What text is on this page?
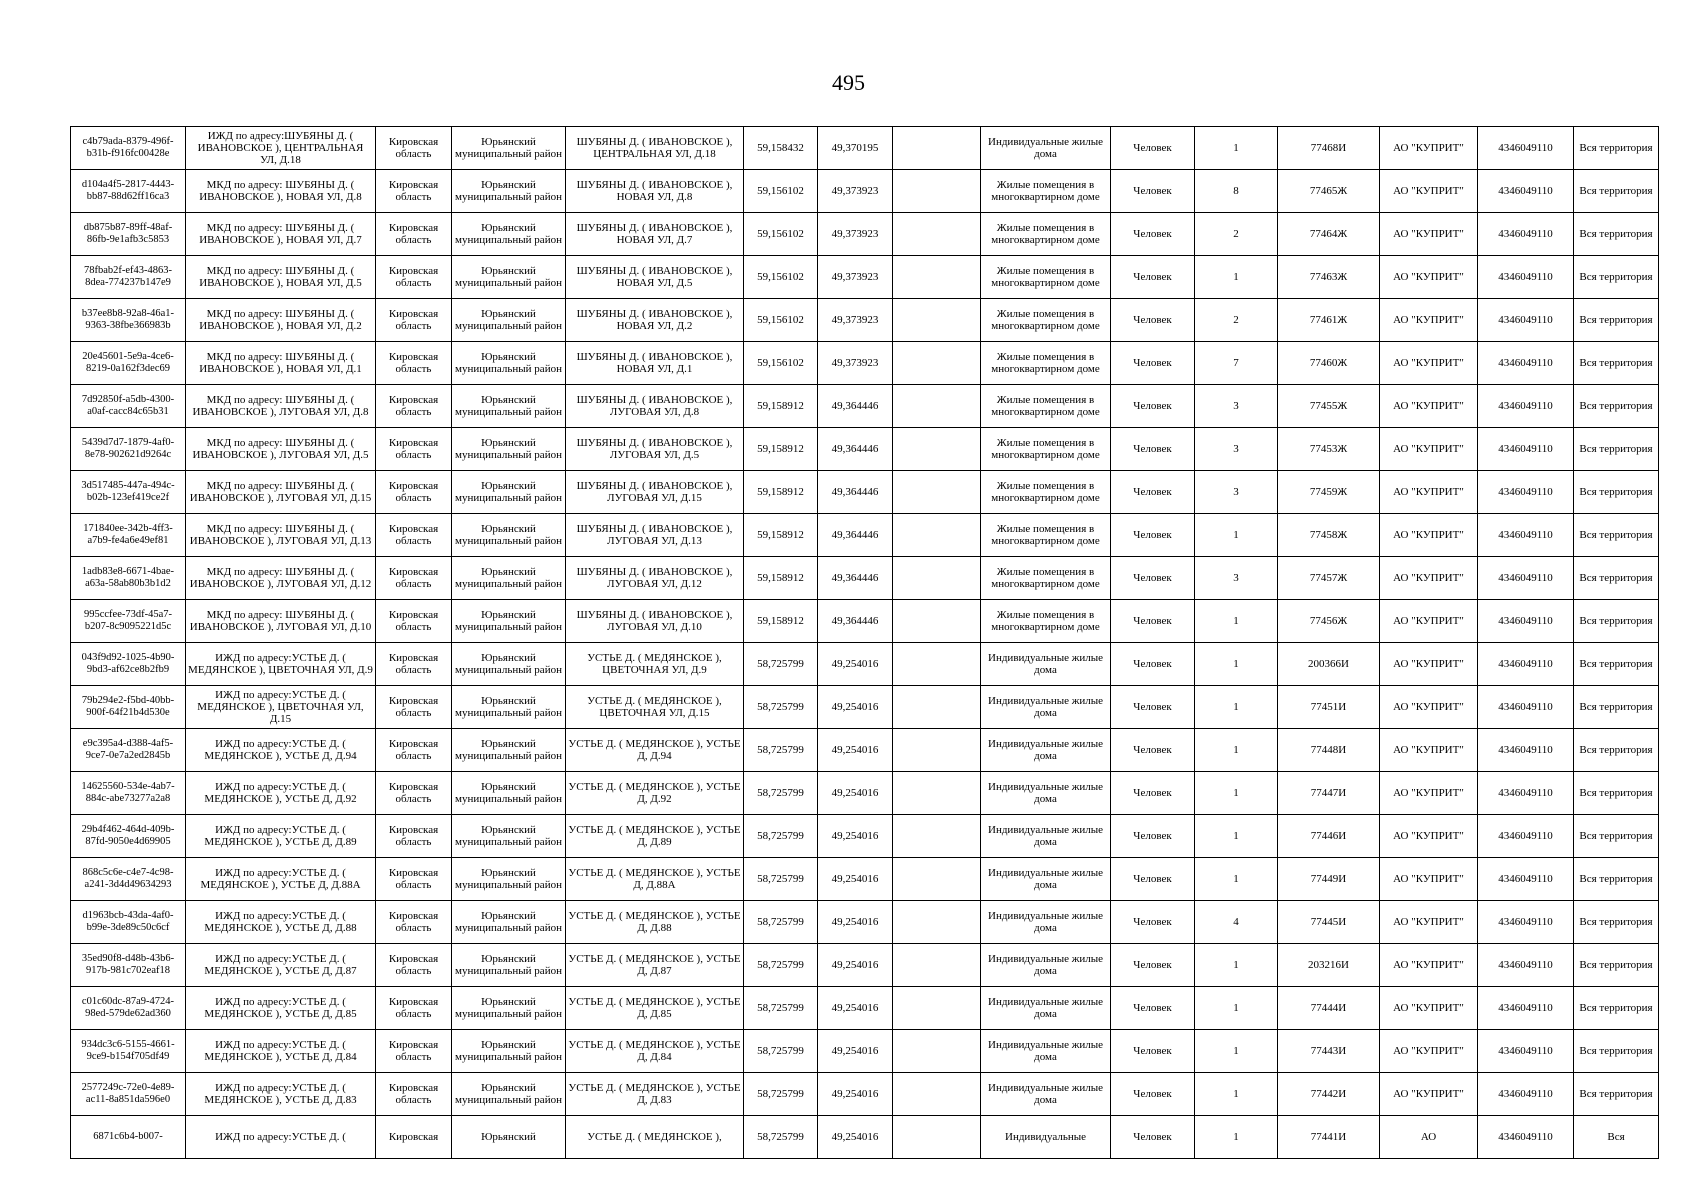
495
c4b79ada-8379-496f-b31b-f916fc00428e	ИЖД по адресу:ШУБЯНЫ Д. ( ИВАНОВСКОЕ ), ЦЕНТРАЛЬНАЯ УЛ, Д.18	Кировская область	Юрьянский муниципальный район	ШУБЯНЫ Д. ( ИВАНОВСКОЕ ), ЦЕНТРАЛЬНАЯ УЛ, Д.18	59,158432	49,370195		Индивидуальные жилые дома	Человек	1	77468И	АО "КУПРИТ"	4346049110	Вся территория
d104a4f5-2817-4443-bb87-88d62ff16ca3	МКД по адресу: ШУБЯНЫ Д. ( ИВАНОВСКОЕ ), НОВАЯ УЛ, Д.8	Кировская область	Юрьянский муниципальный район	ШУБЯНЫ Д. ( ИВАНОВСКОЕ ), НОВАЯ УЛ, Д.8	59,156102	49,373923		Жилые помещения в многоквартирном доме	Человек	8	77465Ж	АО "КУПРИТ"	4346049110	Вся территория
db875b87-89ff-48af-86fb-9e1afb3c5853	МКД по адресу: ШУБЯНЫ Д. ( ИВАНОВСКОЕ ), НОВАЯ УЛ, Д.7	Кировская область	Юрьянский муниципальный район	ШУБЯНЫ Д. ( ИВАНОВСКОЕ ), НОВАЯ УЛ, Д.7	59,156102	49,373923		Жилые помещения в многоквартирном доме	Человек	2	77464Ж	АО "КУПРИТ"	4346049110	Вся территория
78fbab2f-ef43-4863-8dea-774237b147e9	МКД по адресу: ШУБЯНЫ Д. ( ИВАНОВСКОЕ ), НОВАЯ УЛ, Д.5	Кировская область	Юрьянский муниципальный район	ШУБЯНЫ Д. ( ИВАНОВСКОЕ ), НОВАЯ УЛ, Д.5	59,156102	49,373923		Жилые помещения в многоквартирном доме	Человек	1	77463Ж	АО "КУПРИТ"	4346049110	Вся территория
b37ee8b8-92a8-46a1-9363-38fbe366983b	МКД по адресу: ШУБЯНЫ Д. ( ИВАНОВСКОЕ ), НОВАЯ УЛ, Д.2	Кировская область	Юрьянский муниципальный район	ШУБЯНЫ Д. ( ИВАНОВСКОЕ ), НОВАЯ УЛ, Д.2	59,156102	49,373923		Жилые помещения в многоквартирном доме	Человек	2	77461Ж	АО "КУПРИТ"	4346049110	Вся территория
20e45601-5e9a-4ce6-8219-0a162f3dec69	МКД по адресу: ШУБЯНЫ Д. ( ИВАНОВСКОЕ ), НОВАЯ УЛ, Д.1	Кировская область	Юрьянский муниципальный район	ШУБЯНЫ Д. ( ИВАНОВСКОЕ ), НОВАЯ УЛ, Д.1	59,156102	49,373923		Жилые помещения в многоквартирном доме	Человек	7	77460Ж	АО "КУПРИТ"	4346049110	Вся территория
7d92850f-a5db-4300-a0af-cacc84c65b31	МКД по адресу: ШУБЯНЫ Д. ( ИВАНОВСКОЕ ), ЛУГОВАЯ УЛ, Д.8	Кировская область	Юрьянский муниципальный район	ШУБЯНЫ Д. ( ИВАНОВСКОЕ ), ЛУГОВАЯ УЛ, Д.8	59,158912	49,364446		Жилые помещения в многоквартирном доме	Человек	3	77455Ж	АО "КУПРИТ"	4346049110	Вся территория
5439d7d7-1879-4af0-8e78-902621d9264c	МКД по адресу: ШУБЯНЫ Д. ( ИВАНОВСКОЕ ), ЛУГОВАЯ УЛ, Д.5	Кировская область	Юрьянский муниципальный район	ШУБЯНЫ Д. ( ИВАНОВСКОЕ ), ЛУГОВАЯ УЛ, Д.5	59,158912	49,364446		Жилые помещения в многоквартирном доме	Человек	3	77453Ж	АО "КУПРИТ"	4346049110	Вся территория
3d517485-447a-494c-b02b-123ef419ce2f	МКД по адресу: ШУБЯНЫ Д. ( ИВАНОВСКОЕ ), ЛУГОВАЯ УЛ, Д.15	Кировская область	Юрьянский муниципальный район	ШУБЯНЫ Д. ( ИВАНОВСКОЕ ), ЛУГОВАЯ УЛ, Д.15	59,158912	49,364446		Жилые помещения в многоквартирном доме	Человек	3	77459Ж	АО "КУПРИТ"	4346049110	Вся территория
171840ee-342b-4ff3-a7b9-fe4a6e49ef81	МКД по адресу: ШУБЯНЫ Д. ( ИВАНОВСКОЕ ), ЛУГОВАЯ УЛ, Д.13	Кировская область	Юрьянский муниципальный район	ШУБЯНЫ Д. ( ИВАНОВСКОЕ ), ЛУГОВАЯ УЛ, Д.13	59,158912	49,364446		Жилые помещения в многоквартирном доме	Человек	1	77458Ж	АО "КУПРИТ"	4346049110	Вся территория
1adb83e8-6671-4bae-a63a-58ab80b3b1d2	МКД по адресу: ШУБЯНЫ Д. ( ИВАНОВСКОЕ ), ЛУГОВАЯ УЛ, Д.12	Кировская область	Юрьянский муниципальный район	ШУБЯНЫ Д. ( ИВАНОВСКОЕ ), ЛУГОВАЯ УЛ, Д.12	59,158912	49,364446		Жилые помещения в многоквартирном доме	Человек	3	77457Ж	АО "КУПРИТ"	4346049110	Вся территория
995ccfee-73df-45a7-b207-8c9095221d5c	МКД по адресу: ШУБЯНЫ Д. ( ИВАНОВСКОЕ ), ЛУГОВАЯ УЛ, Д.10	Кировская область	Юрьянский муниципальный район	ШУБЯНЫ Д. ( ИВАНОВСКОЕ ), ЛУГОВАЯ УЛ, Д.10	59,158912	49,364446		Жилые помещения в многоквартирном доме	Человек	1	77456Ж	АО "КУПРИТ"	4346049110	Вся территория
043f9d92-1025-4b90-9bd3-af62ce8b2fb9	ИЖД по адресу:УСТЬЕ Д. ( МЕДЯНСКОЕ ), ЦВЕТОЧНАЯ УЛ, Д.9	Кировская область	Юрьянский муниципальный район	УСТЬЕ Д. ( МЕДЯНСКОЕ ), ЦВЕТОЧНАЯ УЛ, Д.9	58,725799	49,254016		Индивидуальные жилые дома	Человек	1	200366И	АО "КУПРИТ"	4346049110	Вся территория
79b294e2-f5bd-40bb-900f-64f21b4d530e	ИЖД по адресу:УСТЬЕ Д. ( МЕДЯНСКОЕ ), ЦВЕТОЧНАЯ УЛ, Д.15	Кировская область	Юрьянский муниципальный район	УСТЬЕ Д. ( МЕДЯНСКОЕ ), ЦВЕТОЧНАЯ УЛ, Д.15	58,725799	49,254016		Индивидуальные жилые дома	Человек	1	77451И	АО "КУПРИТ"	4346049110	Вся территория
e9c395a4-d388-4af5-9ce7-0e7a2ed2845b	ИЖД по адресу:УСТЬЕ Д. ( МЕДЯНСКОЕ ), УСТЬЕ Д, Д.94	Кировская область	Юрьянский муниципальный район	УСТЬЕ Д. ( МЕДЯНСКОЕ ), УСТЬЕ Д, Д.94	58,725799	49,254016		Индивидуальные жилые дома	Человек	1	77448И	АО "КУПРИТ"	4346049110	Вся территория
14625560-534e-4ab7-884c-abe73277a2a8	ИЖД по адресу:УСТЬЕ Д. ( МЕДЯНСКОЕ ), УСТЬЕ Д, Д.92	Кировская область	Юрьянский муниципальный район	УСТЬЕ Д. ( МЕДЯНСКОЕ ), УСТЬЕ Д, Д.92	58,725799	49,254016		Индивидуальные жилые дома	Человек	1	77447И	АО "КУПРИТ"	4346049110	Вся территория
29b4f462-464d-409b-87fd-9050e4d69905	ИЖД по адресу:УСТЬЕ Д. ( МЕДЯНСКОЕ ), УСТЬЕ Д, Д.89	Кировская область	Юрьянский муниципальный район	УСТЬЕ Д. ( МЕДЯНСКОЕ ), УСТЬЕ Д, Д.89	58,725799	49,254016		Индивидуальные жилые дома	Человек	1	77446И	АО "КУПРИТ"	4346049110	Вся территория
868c5c6e-c4e7-4c98-a241-3d4d49634293	ИЖД по адресу:УСТЬЕ Д. ( МЕДЯНСКОЕ ), УСТЬЕ Д, Д.88А	Кировская область	Юрьянский муниципальный район	УСТЬЕ Д. ( МЕДЯНСКОЕ ), УСТЬЕ Д, Д.88А	58,725799	49,254016		Индивидуальные жилые дома	Человек	1	77449И	АО "КУПРИТ"	4346049110	Вся территория
d1963bcb-43da-4af0-b99e-3de89c50c6cf	ИЖД по адресу:УСТЬЕ Д. ( МЕДЯНСКОЕ ), УСТЬЕ Д, Д.88	Кировская область	Юрьянский муниципальный район	УСТЬЕ Д. ( МЕДЯНСКОЕ ), УСТЬЕ Д, Д.88	58,725799	49,254016		Индивидуальные жилые дома	Человек	4	77445И	АО "КУПРИТ"	4346049110	Вся территория
35ed90f8-d48b-43b6-917b-981c702eaf18	ИЖД по адресу:УСТЬЕ Д. ( МЕДЯНСКОЕ ), УСТЬЕ Д, Д.87	Кировская область	Юрьянский муниципальный район	УСТЬЕ Д. ( МЕДЯНСКОЕ ), УСТЬЕ Д, Д.87	58,725799	49,254016		Индивидуальные жилые дома	Человек	1	203216И	АО "КУПРИТ"	4346049110	Вся территория
c01c60dc-87a9-4724-98ed-579de62ad360	ИЖД по адресу:УСТЬЕ Д. ( МЕДЯНСКОЕ ), УСТЬЕ Д, Д.85	Кировская область	Юрьянский муниципальный район	УСТЬЕ Д. ( МЕДЯНСКОЕ ), УСТЬЕ Д, Д.85	58,725799	49,254016		Индивидуальные жилые дома	Человек	1	77444И	АО "КУПРИТ"	4346049110	Вся территория
934dc3c6-5155-4661-9ce9-b154f705df49	ИЖД по адресу:УСТЬЕ Д. ( МЕДЯНСКОЕ ), УСТЬЕ Д, Д.84	Кировская область	Юрьянский муниципальный район	УСТЬЕ Д. ( МЕДЯНСКОЕ ), УСТЬЕ Д, Д.84	58,725799	49,254016		Индивидуальные жилые дома	Человек	1	77443И	АО "КУПРИТ"	4346049110	Вся территория
2577249c-72e0-4e89-ac11-8a851da596e0	ИЖД по адресу:УСТЬЕ Д. ( МЕДЯНСКОЕ ), УСТЬЕ Д, Д.83	Кировская область	Юрьянский муниципальный район	УСТЬЕ Д. ( МЕДЯНСКОЕ ), УСТЬЕ Д, Д.83	58,725799	49,254016		Индивидуальные жилые дома	Человек	1	77442И	АО "КУПРИТ"	4346049110	Вся территория
6871c6b4-b007-	ИЖД по адресу:УСТЬЕ Д. (	Кировская	Юрьянский	УСТЬЕ Д. ( МЕДЯНСКОЕ ),	58,725799	49,254016		Индивидуальные	Человек	1	77441И	АО	4346049110	Вся
